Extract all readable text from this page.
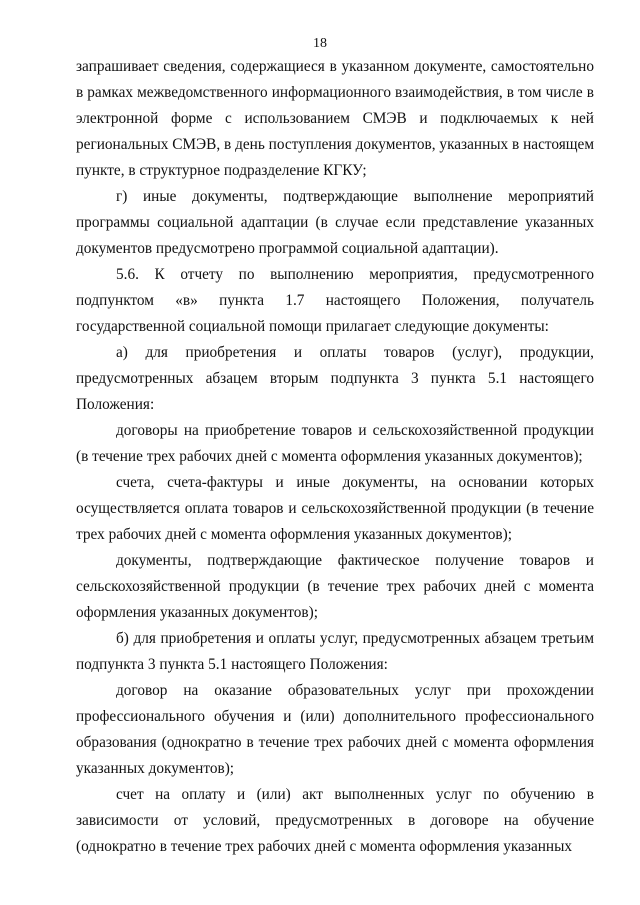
18

запрашивает сведения, содержащиеся в указанном документе, самостоятельно в рамках межведомственного информационного взаимодействия, в том числе в электронной форме с использованием СМЭВ и подключаемых к ней региональных СМЭВ, в день поступления документов, указанных в настоящем пункте, в структурное подразделение КГКУ;

г) иные документы, подтверждающие выполнение мероприятий программы социальной адаптации (в случае если представление указанных документов предусмотрено программой социальной адаптации).

5.6. К отчету по выполнению мероприятия, предусмотренного подпунктом «в» пункта 1.7 настоящего Положения, получатель государственной социальной помощи прилагает следующие документы:

а) для приобретения и оплаты товаров (услуг), продукции, предусмотренных абзацем вторым подпункта 3 пункта 5.1 настоящего Положения:

договоры на приобретение товаров и сельскохозяйственной продукции (в течение трех рабочих дней с момента оформления указанных документов);

счета, счета-фактуры и иные документы, на основании которых осуществляется оплата товаров и сельскохозяйственной продукции (в течение трех рабочих дней с момента оформления указанных документов);

документы, подтверждающие фактическое получение товаров и сельскохозяйственной продукции (в течение трех рабочих дней с момента оформления указанных документов);

б) для приобретения и оплаты услуг, предусмотренных абзацем третьим подпункта 3 пункта 5.1 настоящего Положения:

договор на оказание образовательных услуг при прохождении профессионального обучения и (или) дополнительного профессионального образования (однократно в течение трех рабочих дней с момента оформления указанных документов);

счет на оплату и (или) акт выполненных услуг по обучению в зависимости от условий, предусмотренных в договоре на обучение (однократно в течение трех рабочих дней с момента оформления указанных
